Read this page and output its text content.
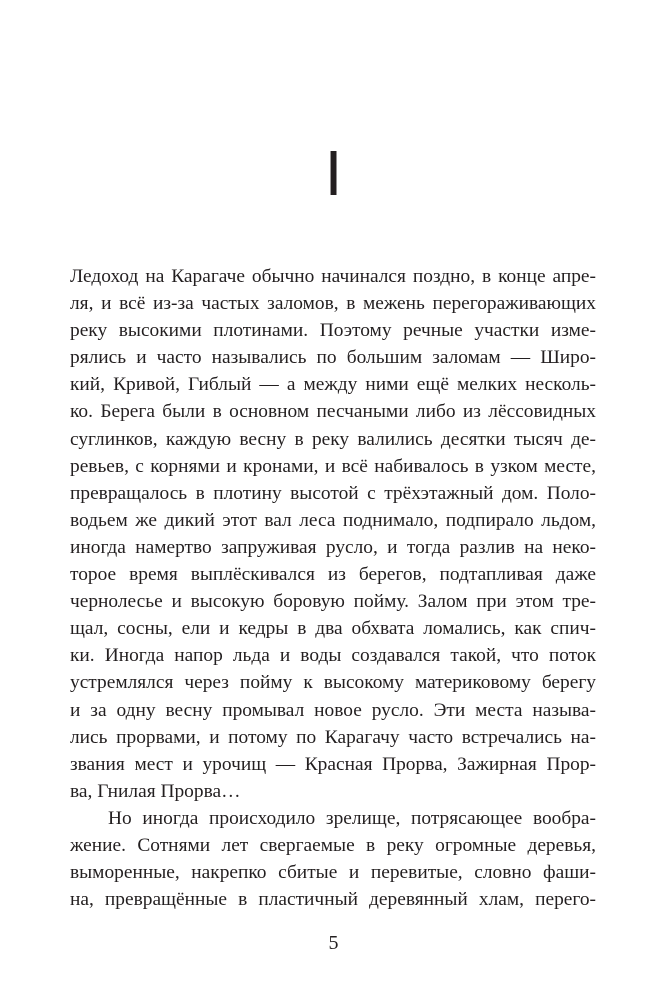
I

Ледоход на Карагаче обычно начинался поздно, в конце апре-

ля, и всё из-за частых заломов, в межень перегораживающих

реку высокими плотинами. Поэтому речные участки изме-

рялись и часто назывались по большим заломам — Широ-

кий, Кривой, Гиблый — а между ними ещё мелких несколь-

ко. Берега были в основном песчаными либо из лёссовидных

суглинков, каждую весну в реку валились десятки тысяч де-

ревьев, с корнями и кронами, и всё набивалось в узком месте,

превращалось в плотину высотой с трёхэтажный дом. Поло-

водьем же дикий этот вал леса поднимало, подпирало льдом,

иногда намертво запруживая русло, и тогда разлив на неко-

торое время выплёскивался из берегов, подтапливая даже

чернолесье и высокую боровую пойму. Залом при этом тре-

щал, сосны, ели и кедры в два обхвата ломались, как спич-

ки. Иногда напор льда и воды создавался такой, что поток

устремлялся через пойму к высокому материковому берегу

и за одну весну промывал новое русло. Эти места называ-

лись прорвами, и потому по Карагачу часто встречались на-

звания мест и урочищ — Красная Прорва, Зажирная Прор-

ва, Гнилая Прорва…

Но иногда происходило зрелище, потрясающее вообра-

жение. Сотнями лет свергаемые в реку огромные деревья,

выморенные, накрепко сбитые и перевитые, словно фаши-

на, превращённые в пластичный деревянный хлам, перего-

5
